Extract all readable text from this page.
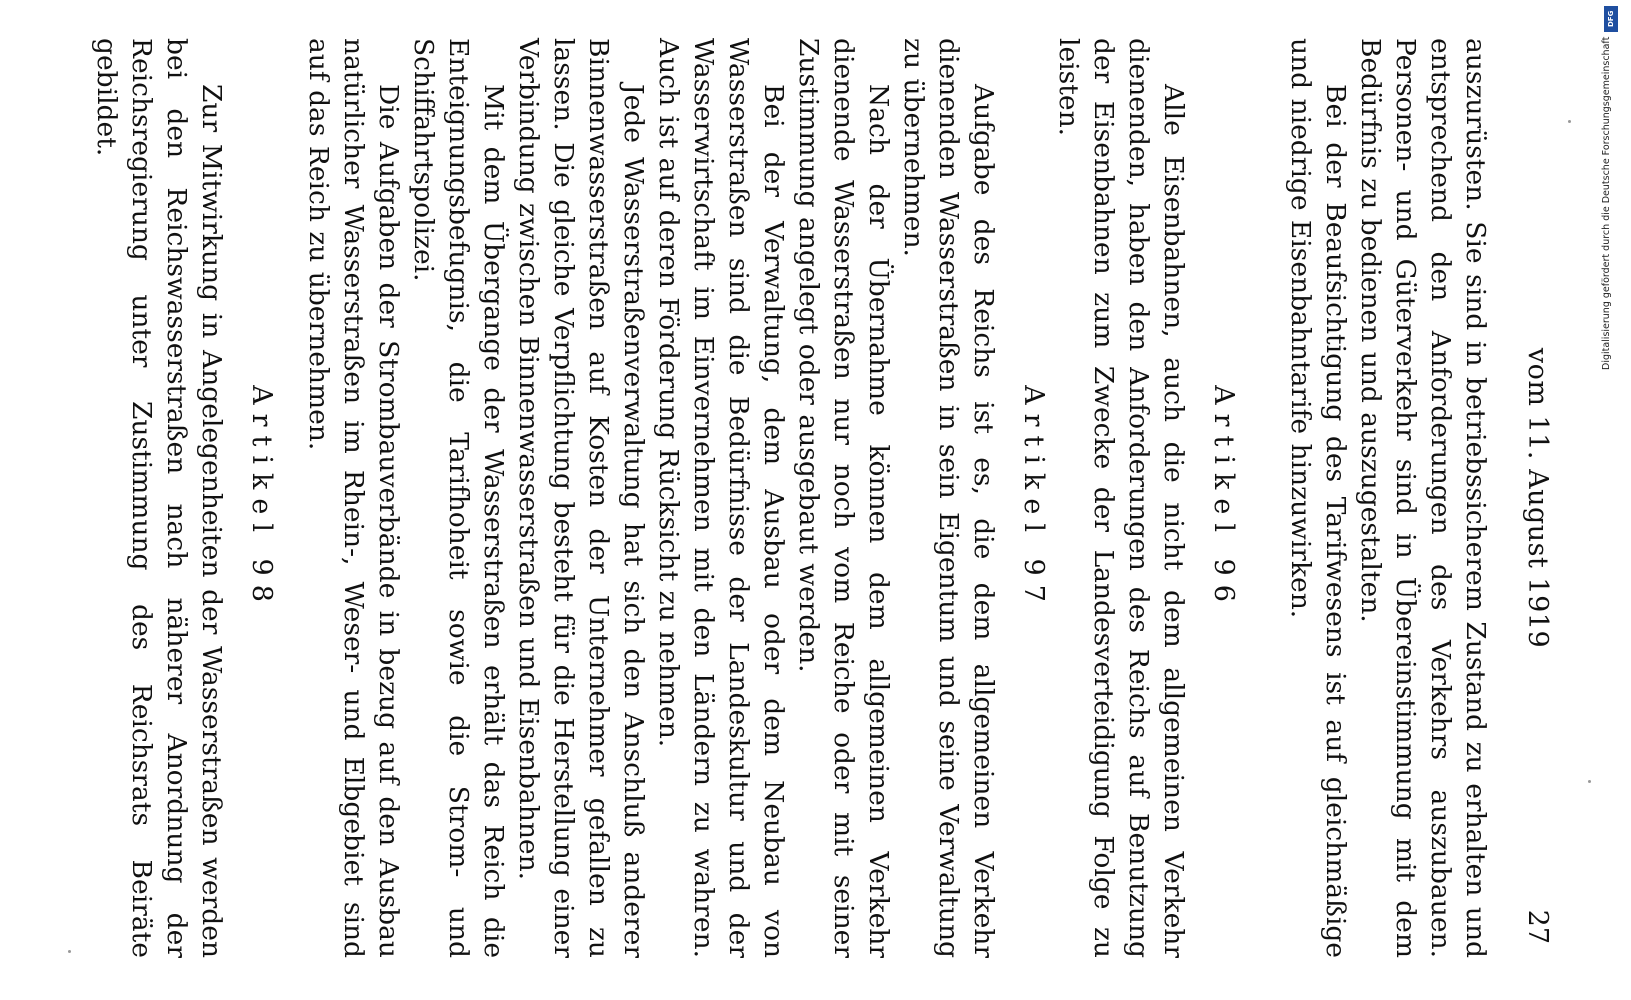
vom 11. August 1919
27

auszurüsten. Sie sind in betriebssicherem Zustand zu erhalten und entsprechend den Anforderungen des Verkehrs auszubauen. Personen- und Güterverkehr sind in Übereinstimmung mit dem Bedürfnis zu bedienen und auszugestalten.

Bei der Beaufsichtigung des Tarifwesens ist auf gleichmäßige und niedrige Eisenbahntarife hinzuwirken.

Artikel 96

Alle Eisenbahnen, auch die nicht dem allgemeinen Verkehr dienenden, haben den Anforderungen des Reichs auf Benutzung der Eisenbahnen zum Zwecke der Landesverteidigung Folge zu leisten.

Artikel 97

Aufgabe des Reichs ist es, die dem allgemeinen Verkehr dienenden Wasserstraßen in sein Eigentum und seine Verwaltung zu übernehmen.

Nach der Übernahme können dem allgemeinen Verkehr dienende Wasserstraßen nur noch vom Reiche oder mit seiner Zustimmung angelegt oder ausgebaut werden.

Bei der Verwaltung, dem Ausbau oder dem Neubau von Wasserstraßen sind die Bedürfnisse der Landeskultur und der Wasserwirtschaft im Einvernehmen mit den Ländern zu wahren. Auch ist auf deren Förderung Rücksicht zu nehmen.

Jede Wasserstraßenverwaltung hat sich den Anschluß anderer Binnenwasserstraßen auf Kosten der Unternehmer gefallen zu lassen. Die gleiche Verpflichtung besteht für die Herstellung einer Verbindung zwischen Binnenwasserstraßen und Eisenbahnen.

Mit dem Übergange der Wasserstraßen erhält das Reich die Enteignungsbefugnis, die Tarifhoheit sowie die Strom- und Schiffahrtspolizei.

Die Aufgaben der Strombauverbände in bezug auf den Ausbau natürlicher Wasserstraßen im Rhein-, Weser- und Elbgebiet sind auf das Reich zu übernehmen.

Artikel 98

Zur Mitwirkung in Angelegenheiten der Wasserstraßen werden bei den Reichswasserstraßen nach näherer Anordnung der Reichsregierung unter Zustimmung des Reichsrats Beiräte gebildet.

DFG
Digitalisierung gefördert durch die Deutsche Forschungsgemeinschaft
